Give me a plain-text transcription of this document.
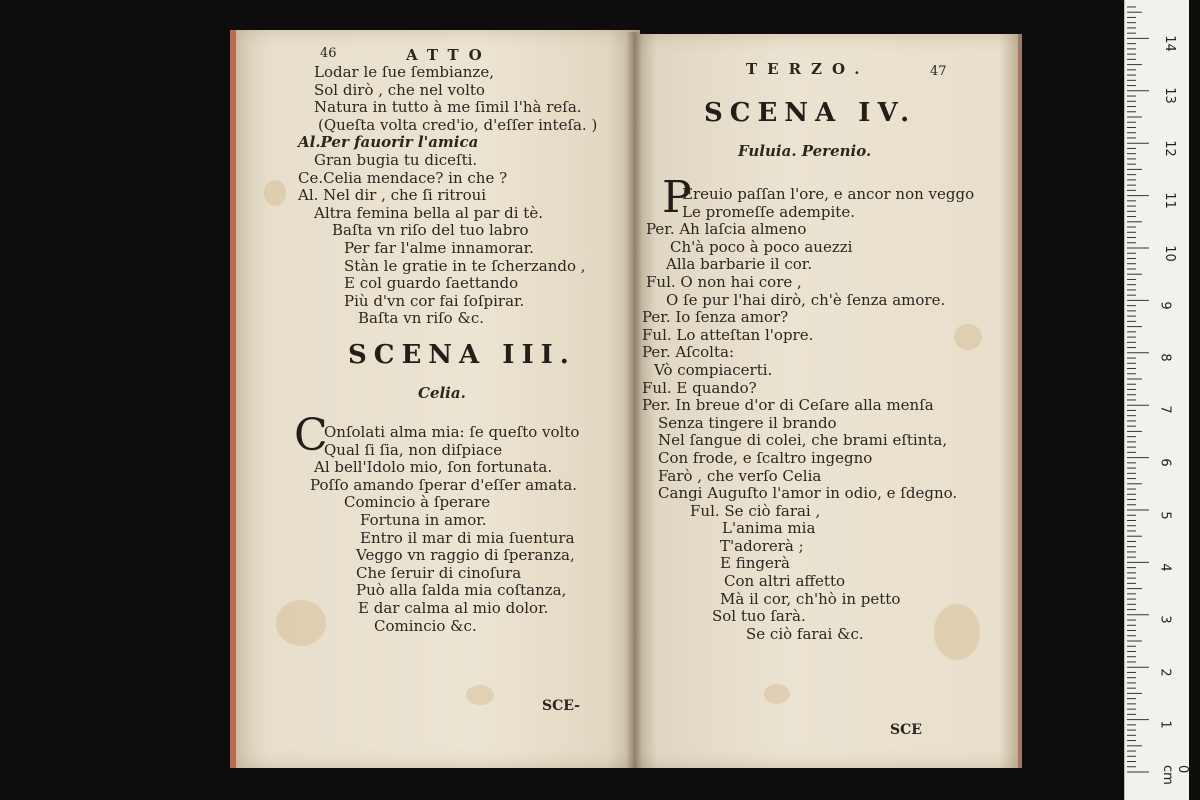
46	ATTO
Lodar le ſue ſembianze,
Sol dirò , che nel volto
Natura in tutto à me ſimil l'hà reſa.
(Queſta volta cred'io, d'eſſer inteſa. )
Al.Per fauorir l'amica
Gran bugia tu diceſti.
Ce.Celia mendace? in che ?
Al. Nel dir , che ſi ritroui
Altra femina bella al par di tè.
Baſta vn riſo del tuo labro
Per far l'alme innamorar.
Stàn le gratie in te ſcherzando ,
E col guardo ſaettando
Più d'vn cor fai ſoſpirar.
Baſta vn riſo &c.
SCENA III.
Celia.
C
Onſolati alma mia: ſe queſto volto
Qual ſi ſia, non diſpiace
Al bell'Idolo mio, ſon fortunata.
Poſſo amando ſperar d'eſſer amata.
Comincio à ſperare
Fortuna in amor.
Entro il mar di mia ſuentura
Veggo vn raggio di ſperanza,
Che ſeruir di cinoſura
Può alla ſalda mia coſtanza,
E dar calma al mio dolor.
Comincio &c.
SCE-
TERZO.	47
SCENA IV.
Fuluia. Perenio.
P
Ereuio paſſan l'ore, e ancor non veggo
Le promeſſe adempite.
Per. Ah laſcia almeno
Ch'à poco à poco auezzi
Alla barbarie il cor.
Ful. O non hai core ,
O ſe pur l'hai dirò, ch'è ſenza amore.
Per. Io ſenza amor?
Ful. Lo atteſtan l'opre.
Per. Aſcolta:
Vò compiacerti.
Ful. E quando?
Per. In breue d'or di Ceſare alla menſa
Senza tingere il brando
Nel ſangue di colei, che brami eſtinta,
Con frode, e ſcaltro ingegno
Farò , che verſo Celia
Cangi Auguſto l'amor in odio, e ſdegno.
Ful. Se ciò farai ,
L'anima mia
T'adorerà ;
E fingerà
Con altri affetto
Mà il cor, ch'hò in petto
Sol tuo ſarà.
Se ciò farai &c.
SCE
0 cm
1
2
3
4
5
6
7
8
9
10
11
12
13
14
